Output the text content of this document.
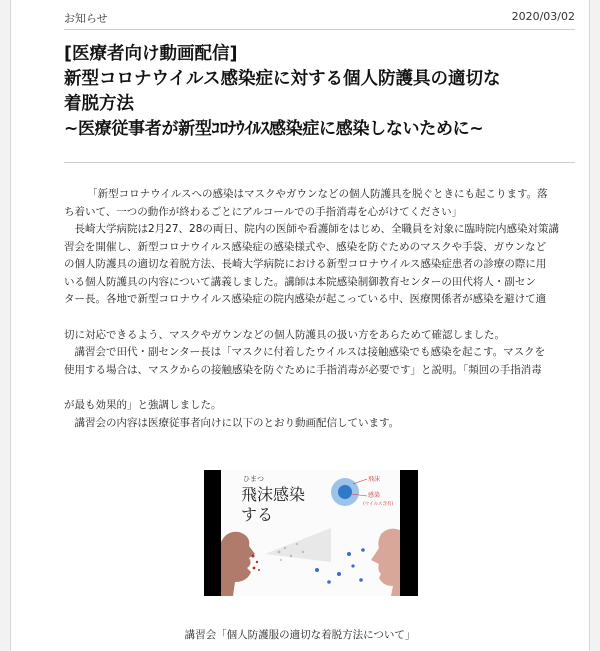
お知らせ	2020/03/02
[医療者向け動画配信]
新型コロナウイルス感染症に対する個人防護具の適切な
着脱方法
~医療従事者が新型ｺﾛﾅｳｲﾙｽ感染症に感染しないために~
「新型コロナウイルスへの感染はマスクやガウンなどの個人防護具を脱ぐときにも起こります。落
ち着いて、一つの動作が終わるごとにアルコールでの手指消毒を心がけてください」
長崎大学病院は2月27、28の両日、院内の医師や看護師をはじめ、全職員を対象に臨時院内感染対策講
習会を開催し、新型コロナウイルス感染症の感染様式や、感染を防ぐためのマスクや手袋、ガウンなど
の個人防護具の適切な着脱方法、長崎大学病院における新型コロナウイルス感染症患者の診療の際に用
いる個人防護具の内容について講義しました。講師は本院感染制御教育センターの田代将人・副セン
ター長。各地で新型コロナウイルス感染症の院内感染が起こっている中、医療関係者が感染を避けて適
切に対応できるよう、マスクやガウンなどの個人防護具の扱い方をあらためて確認しました。
講習会で田代・副センター長は「マスクに付着したウイルスは接触感染でも感染を起こす。マスクを
使用する場合は、マスクからの接触感染を防ぐために手指消毒が必要です」と説明。「頻回の手指消毒
が最も効果的」と強調しました。
講習会の内容は医療従事者向けに以下のとおり動画配信しています。
ひまつ
飛沫感染
する
飛沫
感染
(ウイルス含有)
講習会「個人防護服の適切な着脱方法について」
